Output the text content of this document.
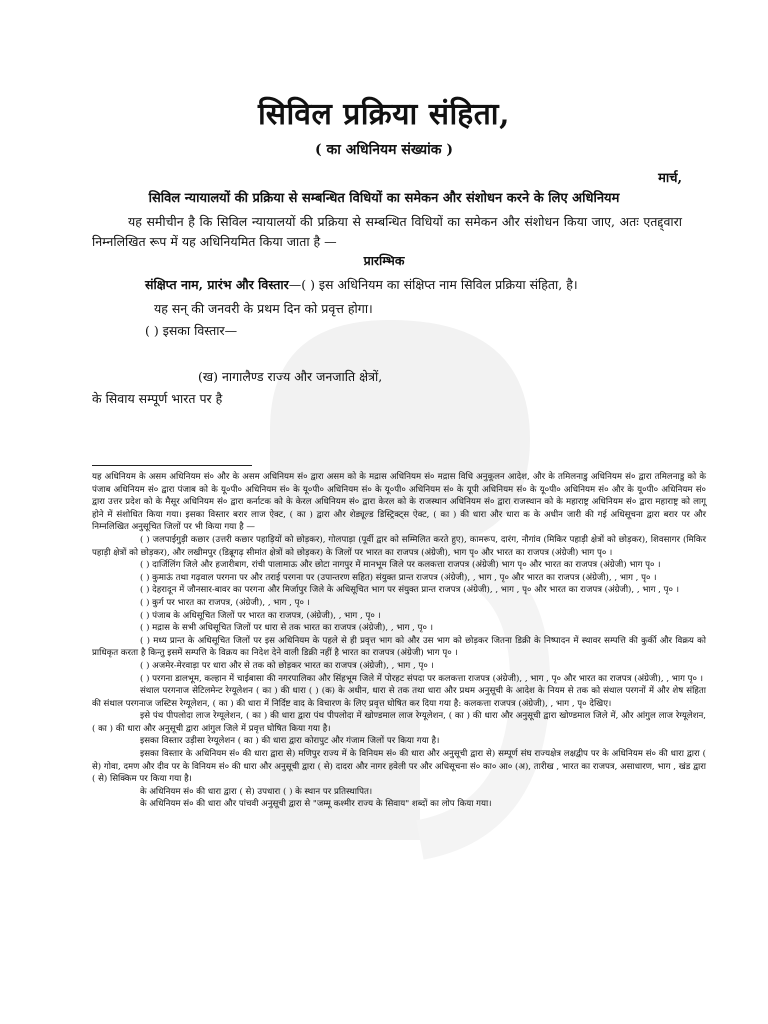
सिविल प्रक्रिया संहिता,
( का अधिनियम संख्यांक )
मार्च,
सिविल न्यायालयों की प्रक्रिया से सम्बन्धित विधियों का समेकन और संशोधन करने के लिए अधिनियम
यह समीचीन है कि सिविल न्यायालयों की प्रक्रिया से सम्बन्धित विधियों का समेकन और संशोधन किया जाए, अतः एतद्द्वारा निम्नलिखित रूप में यह अधिनियमित किया जाता है —
प्रारम्भिक
संक्षिप्त नाम, प्रारंभ और विस्तार—( ) इस अधिनियम का संक्षिप्त नाम सिविल प्रक्रिया संहिता, है।
यह सन् की जनवरी के प्रथम दिन को प्रवृत्त होगा।
( ) इसका विस्तार—
(ख) नागालैण्ड राज्य और जनजाति क्षेत्रों,
के सिवाय सम्पूर्ण भारत पर है

यह अधिनियम के असम अधिनियम सं० और के असम अधिनियम सं० द्वारा असम को के मद्रास अधिनियम सं० मद्रास विधि अनुकूलन आदेश, और के तमिलनाडु अधिनियम सं० द्वारा तमिलनाडु को के पंजाब अधिनियम सं० द्वारा पंजाब को के यू०पी० अधिनियम सं० के यू०पी० अधिनियम सं० के यू०पी० अधिनियम सं० के यूपी अधिनियम सं० के यू०पी० अधिनियम सं० और के यू०पी० अधिनियम सं० द्वारा उत्तर प्रदेश को के मैसूर अधिनियम सं० द्वारा कर्नाटक को के केरल अधिनियम सं० द्वारा केरल को के राजस्थान अधिनियम सं० द्वारा राजस्थान को के महाराष्ट्र अधिनियम सं० द्वारा महाराष्ट्र को लागू होने में संशोधित किया गया। इसका विस्तार बरार लाज ऐक्ट, ( का ) द्वारा और शेड्यूल्ड डिस्ट्रिक्ट्स ऐक्ट, ( का ) की धारा और धारा क के अधीन जारी की गई अधिसूचना द्वारा बरार पर और निम्नलिखित अनुसूचित जिलों पर भी किया गया है —

( ) जलपाईगुड़ी कछार (उत्तरी कछार पहाड़ियों को छोड़कर), गोलपाड़ा (पूर्वी द्वार को सम्मिलित करते हुए), कामरूप, दारंग, नौगांव (मिकिर पहाड़ी क्षेत्रों को छोड़कर), शिवसागर (मिकिर पहाड़ी क्षेत्रों को छोड़कर), और लखीमपुर (डिब्रूगढ़ सीमांत क्षेत्रों को छोड़कर) के जिलों पर भारत का राजपत्र (अंग्रेजी), भाग पृ० और भारत का राजपत्र (अंग्रेजी) भाग पृ० ।

( ) दार्जिलिंग जिले और हजारीबाग, रांची पालामाऊ और छोटा नागपुर में मानभूम जिले पर कलकत्ता राजपत्र (अंग्रेजी) भाग पृ० और भारत का राजपत्र (अंग्रेजी) भाग पृ० ।

( ) कुमाऊं तथा गढ़वाल परगना पर और तराई परगना पर (उपान्तरण सहित) संयुक्त प्रान्त राजपत्र (अंग्रेजी), , भाग , पृ० और भारत का राजपत्र (अंग्रेजी), , भाग , पृ० ।

( ) देहरादून में जौनसार-बावर का परगना और मिर्जापुर जिले के अधिसूचित भाग पर संयुक्त प्रान्त राजपत्र (अंग्रेजी), , भाग , पृ० और भारत का राजपत्र (अंग्रेजी), , भाग , पृ० ।

( ) कुर्ग पर भारत का राजपत्र, (अंग्रेजी), , भाग , पृ० ।

( ) पंजाब के अधिसूचित जिलों पर भारत का राजपत्र, (अंग्रेजी), , भाग , पृ० ।

( ) मद्रास के सभी अधिसूचित जिलों पर धारा से तक भारत का राजपत्र (अंग्रेजी), , भाग , पृ० ।

( ) मध्य प्रान्त के अधिसूचित जिलों पर इस अधिनियम के पहले से ही प्रवृत्त भाग को और उस भाग को छोड़कर जितना डिक्री के निष्पादन में स्थावर सम्पत्ति की कुर्की और विक्रय को प्राधिकृत करता है किन्तु इसमें सम्पत्ति के विक्रय का निदेश देने वाली डिक्री नहीं है भारत का राजपत्र (अंग्रेजी) भाग पृ० ।

( ) अजमेर-मेरवाड़ा पर धारा और से तक को छोड़कर भारत का राजपत्र (अंग्रेजी), , भाग , पृ० ।

( ) परगना डालभूम, कल्हान में चाईबासा की नगरपालिका और सिंहभूम जिले में पोरहट संपदा पर कलकत्ता राजपत्र (अंग्रेजी), , भाग , पृ० और भारत का राजपत्र (अंग्रेजी), , भाग पृ० ।

संथाल परगनाज सेटिलमेन्ट रेग्यूलेशन ( का ) की धारा ( ) (क) के अधीन, धारा से तक तथा धारा और प्रथम अनुसूची के आदेश के नियम से तक को संथाल परगनों में और शेष संहिता की संथाल परगनाज जस्टिस रेग्यूलेशन, ( का ) की धारा में निर्दिष्ट वाद के विचारण के लिए प्रवृत्त घोषित कर दिया गया है: कलकत्ता राजपत्र (अंग्रेजी), , भाग , पृ० देखिए।

इसे पंथ पीपलोदा लाज रेग्यूलेशन, ( का ) की धारा द्वारा पंथ पीपलोदा में खोण्डमाल लाज रेग्यूलेशन, ( का ) की धारा और अनुसूची द्वारा खोण्डमाल जिले में, और आंगुल लाज रेग्यूलेशन, ( का ) की धारा और अनुसूची द्वारा आंगुल जिले में प्रवृत्त घोषित किया गया है।

इसका विस्तार उड़ीसा रेग्यूलेशन ( का ) की धारा द्वारा कोरापुट और गंजाम जिलों पर किया गया है।

इसका विस्तार के अधिनियम सं० की धारा द्वारा से) मणिपुर राज्य में के विनियम सं० की धारा और अनुसूची द्वारा से) सम्पूर्ण संघ राज्यक्षेत्र लक्षद्वीप पर के अधिनियम सं० की धारा द्वारा ( से) गोवा, दमण और दीव पर के विनियम सं० की धारा और अनुसूची द्वारा ( से) दादरा और नागर हवेली पर और अधिसूचना सं० का० आ० (अ), तारीख , भारत का राजपत्र, असाधारण, भाग , खंड द्वारा ( से) सिक्किम पर किया गया है।

के अधिनियम सं० की धारा द्वारा ( से) उपधारा ( ) के स्थान पर प्रतिस्थापित।

के अधिनियम सं० की धारा और पांचवी अनुसूची द्वारा से "जम्मू कश्मीर राज्य के सिवाय" शब्दों का लोप किया गया।
